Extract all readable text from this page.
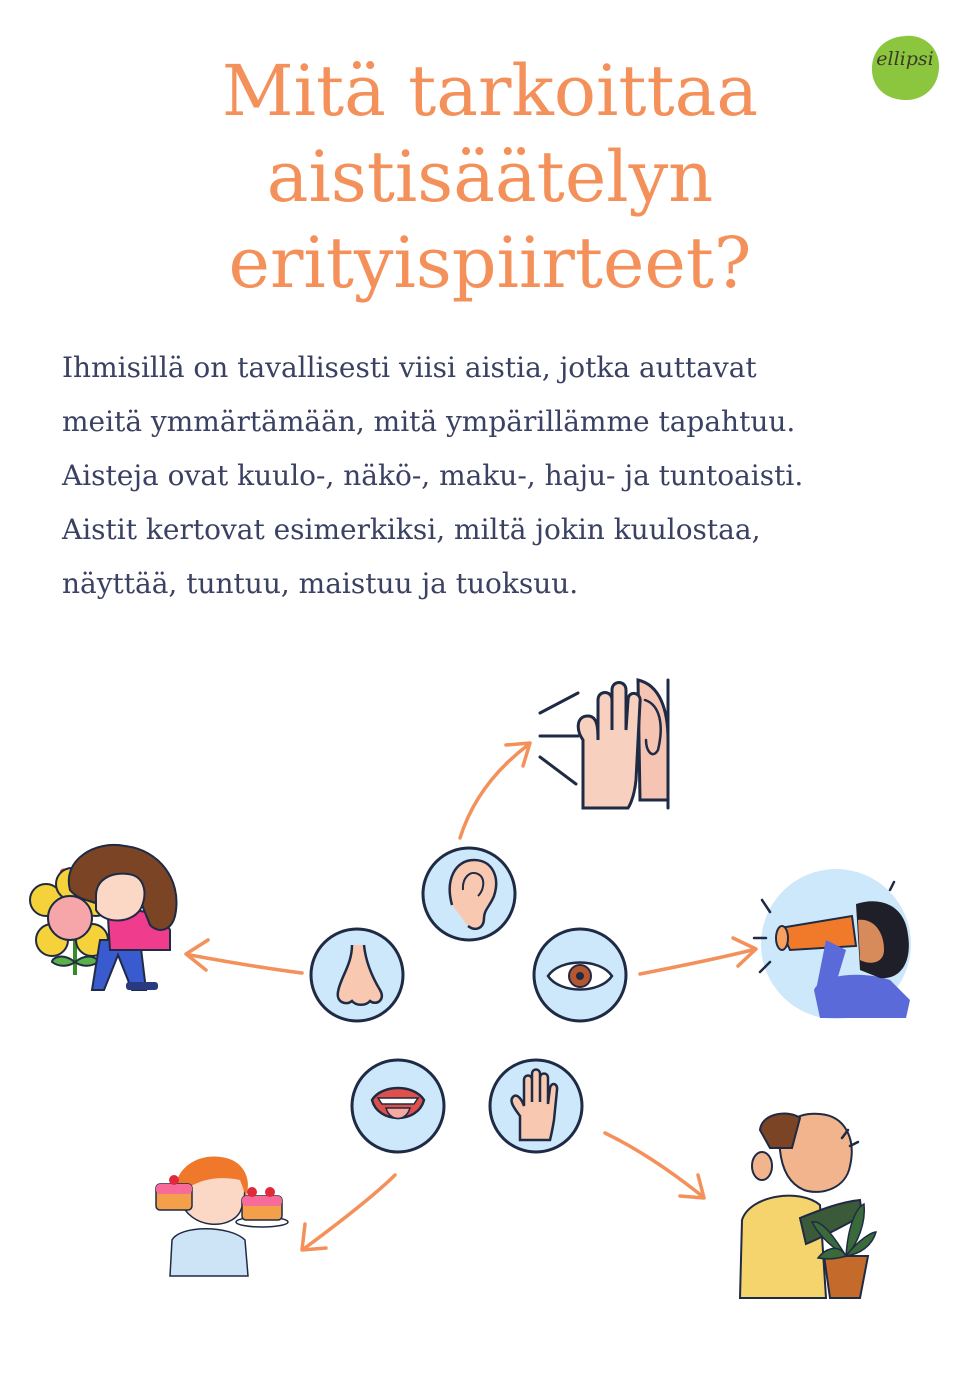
ellipsi
Mitä tarkoittaa
aistisäätelyn
erityispiirteet?
Ihmisillä on tavallisesti viisi aistia, jotka auttavat
meitä ymmärtämään, mitä ympärillämme tapahtuu.
Aisteja ovat kuulo-, näkö-, maku-, haju- ja tuntoaisti.
Aistit kertovat esimerkiksi, miltä jokin kuulostaa,
näyttää, tuntuu, maistuu ja tuoksuu.
